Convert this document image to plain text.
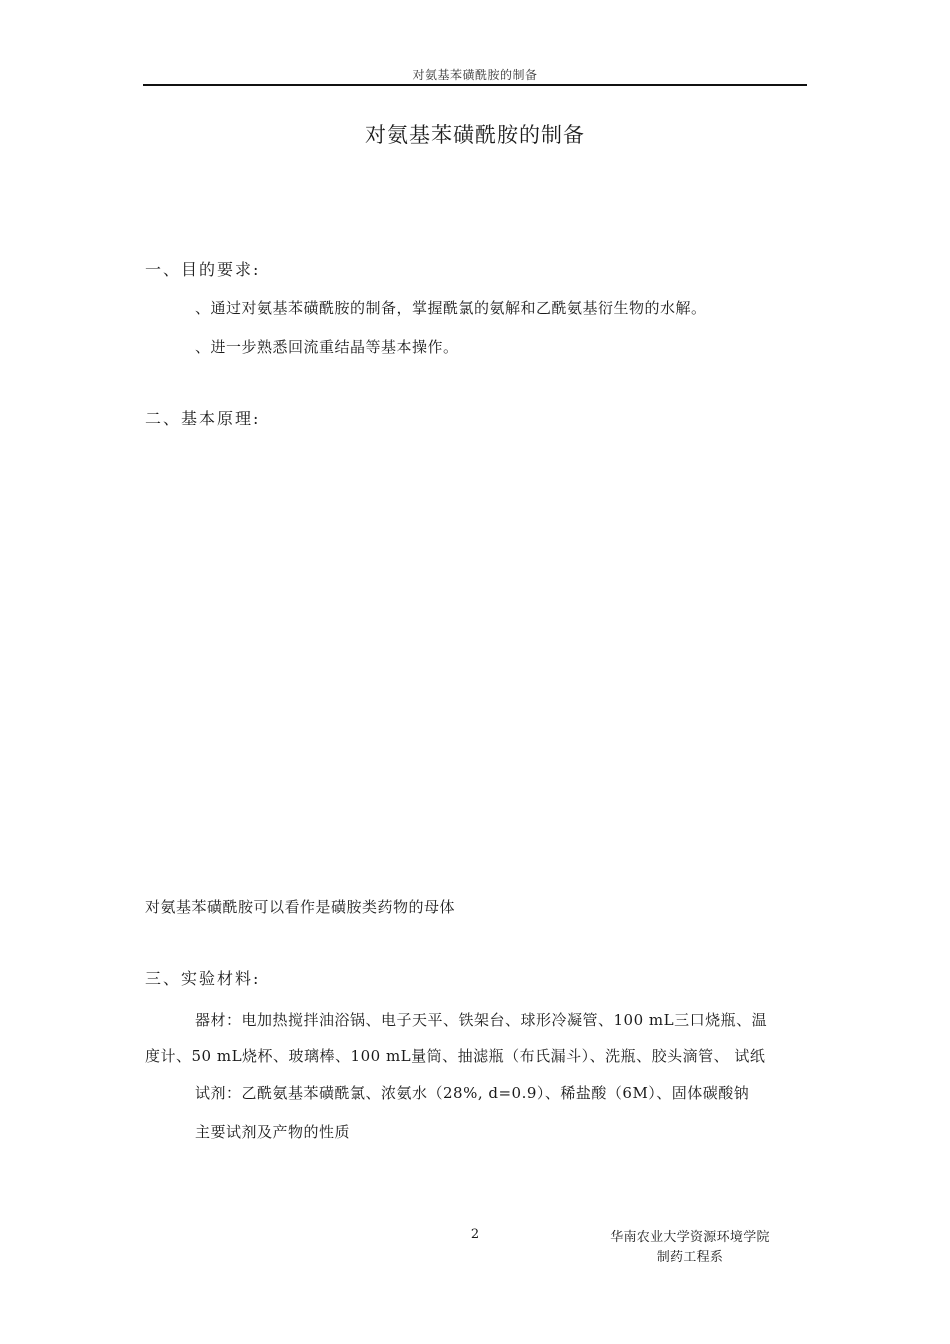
对氨基苯磺酰胺的制备
对氨基苯磺酰胺的制备
一、目的要求:
、通过对氨基苯磺酰胺的制备，掌握酰氯的氨解和乙酰氨基衍生物的水解。
、进一步熟悉回流重结晶等基本操作。
二、基本原理:
对氨基苯磺酰胺可以看作是磺胺类药物的母体
三、实验材料:
器材：电加热搅拌油浴锅、电子天平、铁架台、球形冷凝管、100 mL三口烧瓶、温
度计、50 mL烧杯、玻璃棒、100 mL量筒、抽滤瓶（布氏漏斗）、洗瓶、胶头滴管、 试纸
试剂：乙酰氨基苯磺酰氯、浓氨水（28%, d=0.9）、稀盐酸（6M）、固体碳酸钠
主要试剂及产物的性质
2	华南农业大学资源环境学院
制药工程系
